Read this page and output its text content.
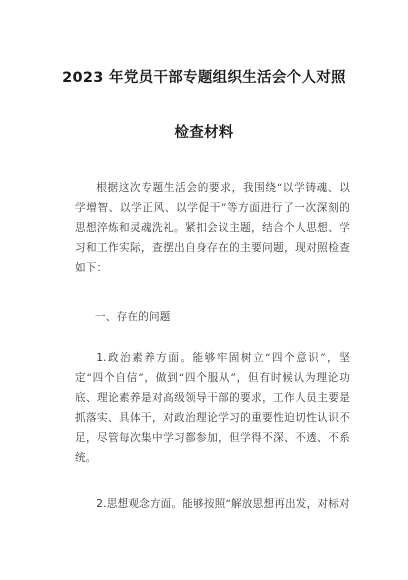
2023 年党员干部专题组织生活会个人对照
检查材料
根据这次专题生活会的要求，我围绕“以学铸魂、以学增智、以学正风、以学促干”等方面进行了一次深刻的思想淬炼和灵魂洗礼。紧扣会议主题，结合个人思想、学习和工作实际，查摆出自身存在的主要问题，现对照检查如下：
一、存在的问题
1.政治素养方面。能够牢固树立“四个意识”，坚定“四个自信”，做到“四个服从”，但有时候认为理论功底、理论素养是对高级领导干部的要求，工作人员主要是抓落实、具体干，对政治理论学习的重要性迫切性认识不足，尽管每次集中学习都参加，但学得不深、不透、不系统。
2.思想观念方面。能够按照“解放思想再出发，对标对
